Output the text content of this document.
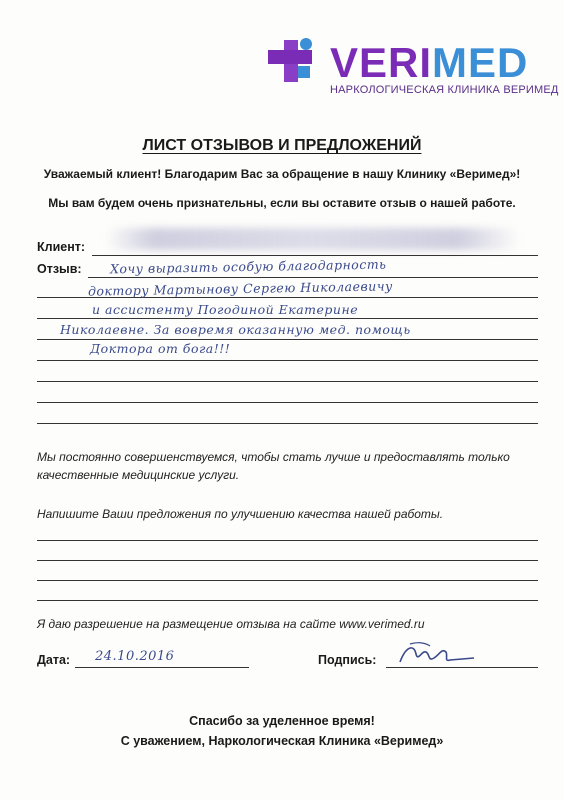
VERIMED
НАРКОЛОГИЧЕСКАЯ КЛИНИКА ВЕРИМЕД
ЛИСТ ОТЗЫВОВ И ПРЕДЛОЖЕНИЙ
Уважаемый клиент! Благодарим Вас за обращение в нашу Клинику «Веримед»!
Мы вам будем очень признательны, если вы оставите отзыв о нашей работе.
Клиент:
Отзыв: Хочу выразить особую благодарность
доктору Мартынову Сергею Николаевичу
и ассистенту Погодиной Екатерине
Николаевне. За вовремя оказанную мед. помощь
Доктора от бога!!!
Мы постоянно совершенствуемся, чтобы стать лучше и предоставлять только
качественные медицинские услуги.
Напишите Ваши предложения по улучшению качества нашей работы.
Я даю разрешение на размещение отзыва на сайте www.verimed.ru
Дата: 24.10.2016	Подпись:
Спасибо за уделенное время!
С уважением, Наркологическая Клиника «Веримед»
